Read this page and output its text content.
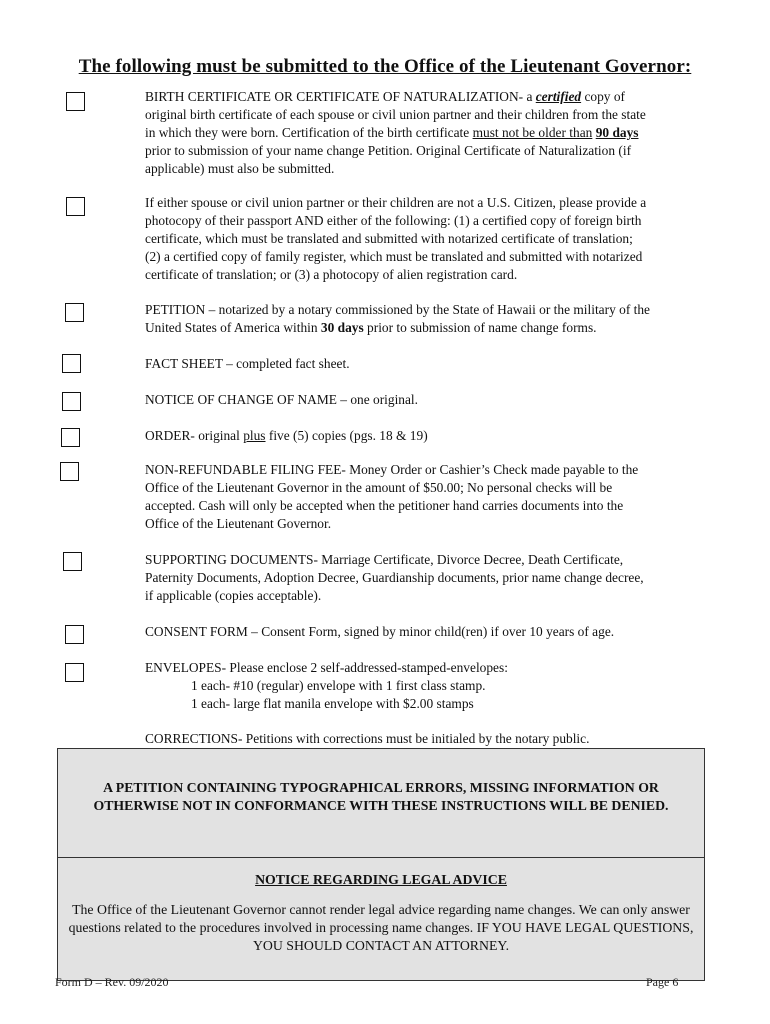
The following must be submitted to the Office of the Lieutenant Governor:
BIRTH CERTIFICATE OR CERTIFICATE OF NATURALIZATION- a certified copy of
original birth certificate of each spouse or civil union partner and their children from the state
in which they were born. Certification of the birth certificate must not be older than 90 days
prior to submission of your name change Petition. Original Certificate of Naturalization (if
applicable) must also be submitted.
If either spouse or civil union partner or their children are not a U.S. Citizen, please provide a
photocopy of their passport AND either of the following: (1) a certified copy of foreign birth
certificate, which must be translated and submitted with notarized certificate of translation;
(2) a certified copy of family register, which must be translated and submitted with notarized
certificate of translation; or (3) a photocopy of alien registration card.
PETITION – notarized by a notary commissioned by the State of Hawaii or the military of the
United States of America within 30 days prior to submission of name change forms.
FACT SHEET – completed fact sheet.
NOTICE OF CHANGE OF NAME – one original.
ORDER- original plus five (5) copies (pgs. 18 & 19)
NON-REFUNDABLE FILING FEE- Money Order or Cashier’s Check made payable to the
Office of the Lieutenant Governor in the amount of $50.00; No personal checks will be
accepted. Cash will only be accepted when the petitioner hand carries documents into the
Office of the Lieutenant Governor.
SUPPORTING DOCUMENTS- Marriage Certificate, Divorce Decree, Death Certificate,
Paternity Documents, Adoption Decree, Guardianship documents, prior name change decree,
if applicable (copies acceptable).
CONSENT FORM – Consent Form, signed by minor child(ren) if over 10 years of age.
ENVELOPES- Please enclose 2 self-addressed-stamped-envelopes:
1 each- #10 (regular) envelope with 1 first class stamp.
1 each- large flat manila envelope with $2.00 stamps
CORRECTIONS- Petitions with corrections must be initialed by the notary public.
A PETITION CONTAINING TYPOGRAPHICAL ERRORS, MISSING INFORMATION OR OTHERWISE NOT IN CONFORMANCE WITH THESE INSTRUCTIONS WILL BE DENIED.
NOTICE REGARDING LEGAL ADVICE
The Office of the Lieutenant Governor cannot render legal advice regarding name changes. We can only answer questions related to the procedures involved in processing name changes. IF YOU HAVE LEGAL QUESTIONS, YOU SHOULD CONTACT AN ATTORNEY.
Form D – Rev. 09/2020	Page 6
